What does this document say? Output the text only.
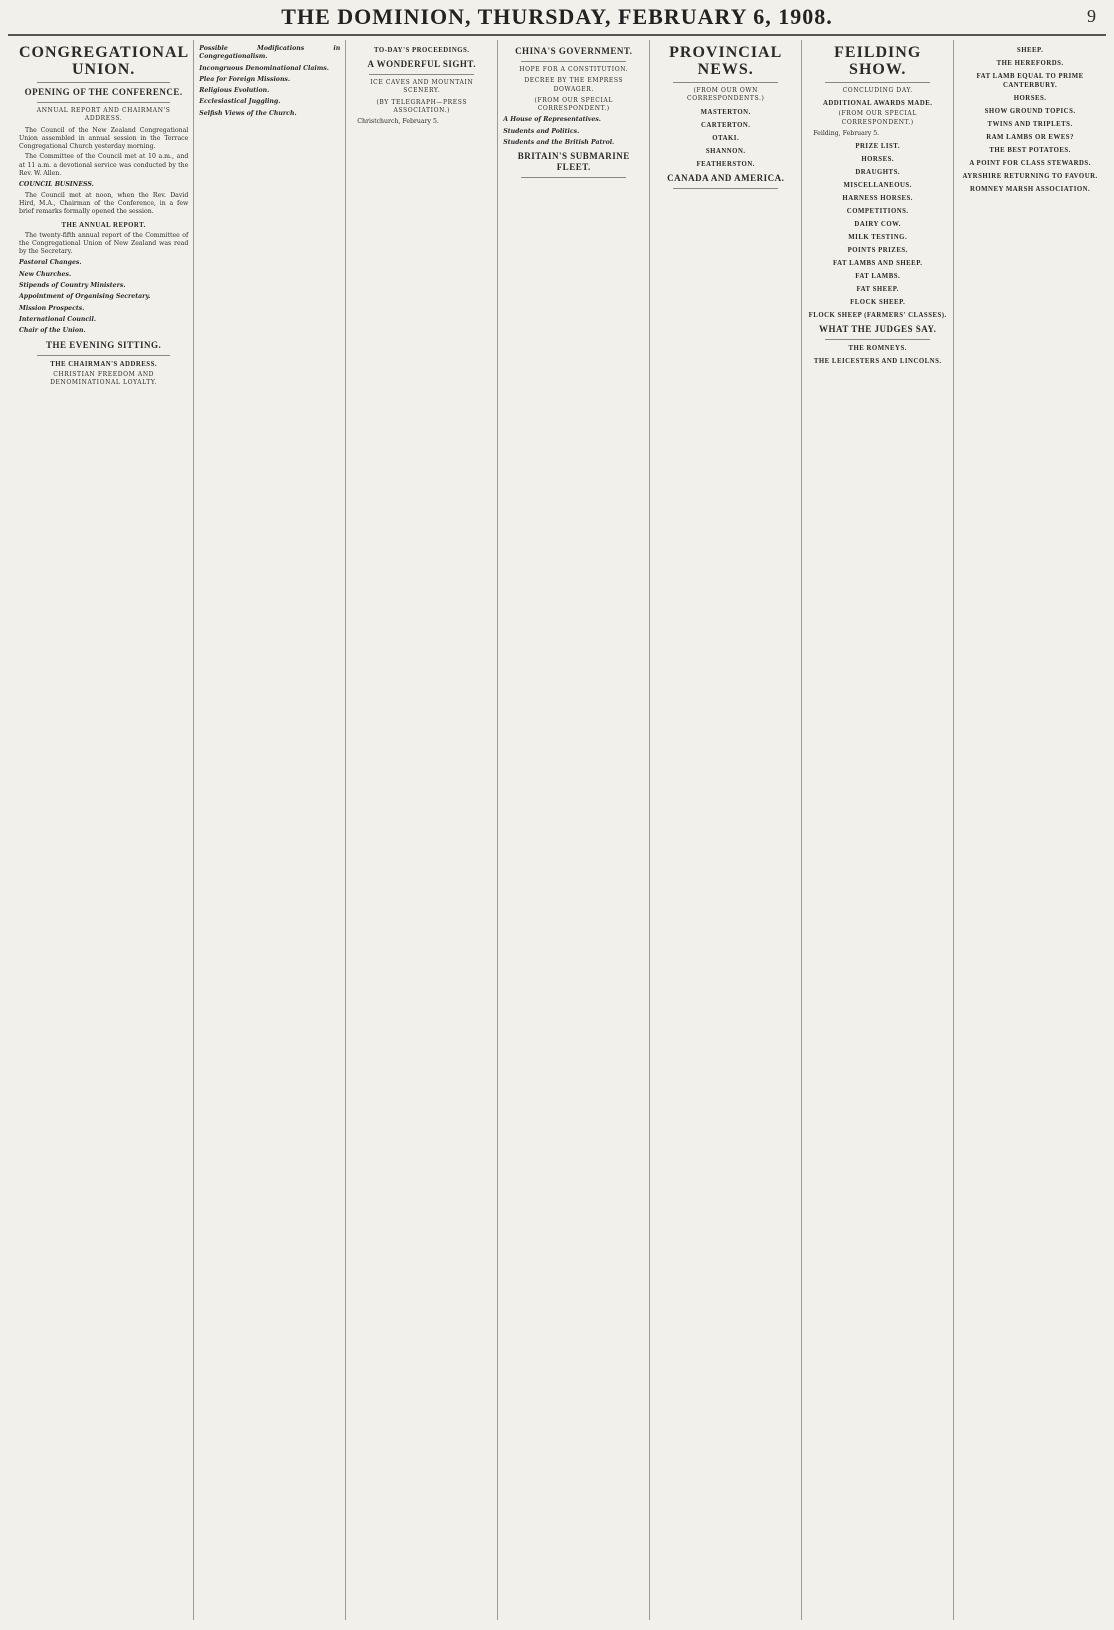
THE DOMINION, THURSDAY, FEBRUARY 6, 1908.	9
CONGREGATIONAL UNION.
OPENING OF THE CONFERENCE.
ANNUAL REPORT AND CHAIRMAN'S ADDRESS.

The Council of the New Zealand Congregational Union assembled in annual session in the Terrace Congregational Church yesterday morning.

The Committee of the Council met at 10 a.m., and at 11 a.m. a devotional service was conducted by the Rev. W. Allen.

COUNCIL BUSINESS.

The Council met at noon, when the Rev. David Hird, M.A., Chairman of the Conference, in a few brief remarks formally opened the session.

THE ANNUAL REPORT.

The twenty-fifth annual report of the Committee of the Congregational Union of New Zealand was read by the Secretary.

Pastoral Changes.

New Churches.

Stipends of Country Ministers.

Appointment of Organising Secretary.

Mission Prospects.

International Council.

Chair of the Union.

THE EVENING SITTING.
THE CHAIRMAN'S ADDRESS.
CHRISTIAN FREEDOM AND DENOMINATIONAL LOYALTY.

Possible Modifications in Congregationalism.

Incongruous Denominational Claims.

Plea for Foreign Missions.

Religious Evolution.

Ecclesiastical Juggling.

Selfish Views of the Church.

TO-DAY'S PROCEEDINGS.
A WONDERFUL SIGHT.
ICE CAVES AND MOUNTAIN SCENERY.
(BY TELEGRAPH—PRESS ASSOCIATION.)

Christchurch, February 5.

CHINA'S GOVERNMENT.
HOPE FOR A CONSTITUTION.
DECREE BY THE EMPRESS DOWAGER.
(FROM OUR SPECIAL CORRESPONDENT.)

A House of Representatives.

Students and Politics.

Students and the British Patrol.

BRITAIN'S SUBMARINE FLEET.
PROVINCIAL NEWS.
(FROM OUR OWN CORRESPONDENTS.)
MASTERTON.
CARTERTON.
OTAKI.
SHANNON.
FEATHERSTON.
CANADA AND AMERICA.
FEILDING SHOW.
CONCLUDING DAY.
ADDITIONAL AWARDS MADE.
(FROM OUR SPECIAL CORRESPONDENT.)

Feilding, February 5.

PRIZE LIST.
HORSES.
DRAUGHTS.
MISCELLANEOUS.
HARNESS HORSES.
COMPETITIONS.
DAIRY COW.
MILK TESTING.
POINTS PRIZES.
FAT LAMBS AND SHEEP.
FAT LAMBS.
FAT SHEEP.
FLOCK SHEEP.
FLOCK SHEEP (FARMERS' CLASSES).
WHAT THE JUDGES SAY.
THE ROMNEYS.
THE LEICESTERS AND LINCOLNS.
SHEEP.
THE HEREFORDS.
FAT LAMB EQUAL TO PRIME CANTERBURY.
HORSES.
SHOW GROUND TOPICS.
TWINS AND TRIPLETS.
RAM LAMBS OR EWES?
THE BEST POTATOES.
A POINT FOR CLASS STEWARDS.
AYRSHIRE RETURNING TO FAVOUR.
ROMNEY MARSH ASSOCIATION.
